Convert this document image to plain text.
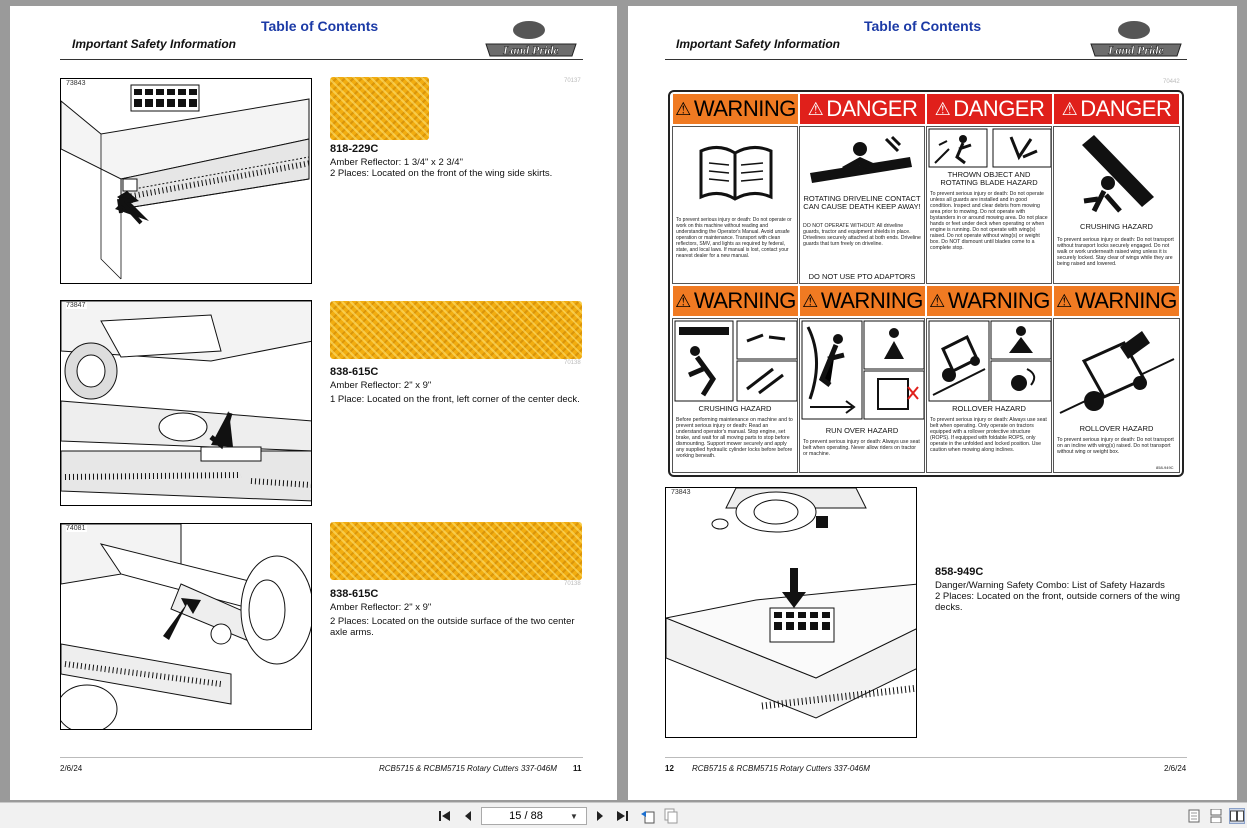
Table of Contents
Important Safety Information	Land Pride
73843	70137
818-229C
Amber Reflector: 1 3/4" x 2 3/4"
2 Places: Located on the front of the wing side skirts.
73847
70138
838-615C
Amber Reflector: 2" x 9"
1 Place: Located on the front, left corner of the center deck.
74081
70138
838-615C
Amber Reflector: 2" x 9"
2 Places: Located on the outside surface of the two center axle arms.
2/6/24	RCB5715 & RCBM5715 Rotary Cutters 337-046M 11
Table of Contents
Important Safety Information	Land Pride
70442
⚠ WARNING ⚠ DANGER ⚠ DANGER ⚠ DANGER
To prevent serious injury or death: Do not operate or work on this machine without reading and understanding the Operator's Manual. Avoid unsafe operation or maintenance. Transport with clean reflectors, SMV, and lights as required by federal, state, and local laws. If manual is lost, contact your nearest dealer for a new manual.
ROTATING DRIVELINE CONTACT CAN CAUSE DEATH KEEP AWAY!
DO NOT OPERATE WITHOUT: All driveline guards, tractor and equipment shields in place. Drivelines securely attached at both ends. Driveline guards that turn freely on driveline.
DO NOT USE PTO ADAPTORS
THROWN OBJECT AND ROTATING BLADE HAZARD
To prevent serious injury or death: Do not operate unless all guards are installed and in good condition. Inspect and clear debris from mowing area prior to mowing. Do not operate with bystanders in or around mowing area. Do not place hands or feet under deck when operating or when engine is running. Do not operate with wing(s) raised. Do not operate without wing(s) or weight box. Do NOT dismount until blades come to a complete stop.
CRUSHING HAZARD
To prevent serious injury or death: Do not transport without transport locks securely engaged. Do not walk or work underneath raised wing unless it is securely locked. Stay clear of wings while they are being raised and lowered.
⚠ WARNING ⚠ WARNING ⚠ WARNING ⚠ WARNING
CRUSHING HAZARD
Before performing maintenance on machine and to prevent serious injury or death: Read an understand operator's manual. Stop engine, set brake, and wait for all moving parts to stop before dismounting. Support mower securely and apply any supplied hydraulic cylinder locks before before working beneath.
RUN OVER HAZARD
To prevent serious injury or death: Always use seat belt when operating. Never allow riders on tractor or machine.
ROLLOVER HAZARD
To prevent serious injury or death: Always use seat belt when operating. Only operate on tractors equipped with a rollover protective structure (ROPS). If equipped with foldable ROPS, only operate in the unfolded and locked position. Use caution when mowing along inclines.
ROLLOVER HAZARD
To prevent serious injury or death: Do not transport on an incline with wing(s) raised. Do not transport without wing or weight box.
858-949C
73843
858-949C
Danger/Warning Safety Combo: List of Safety Hazards
2 Places: Located on the front, outside corners of the wing decks.
12 RCB5715 & RCBM5715 Rotary Cutters 337-046M	2/6/24
15 / 88
▼
